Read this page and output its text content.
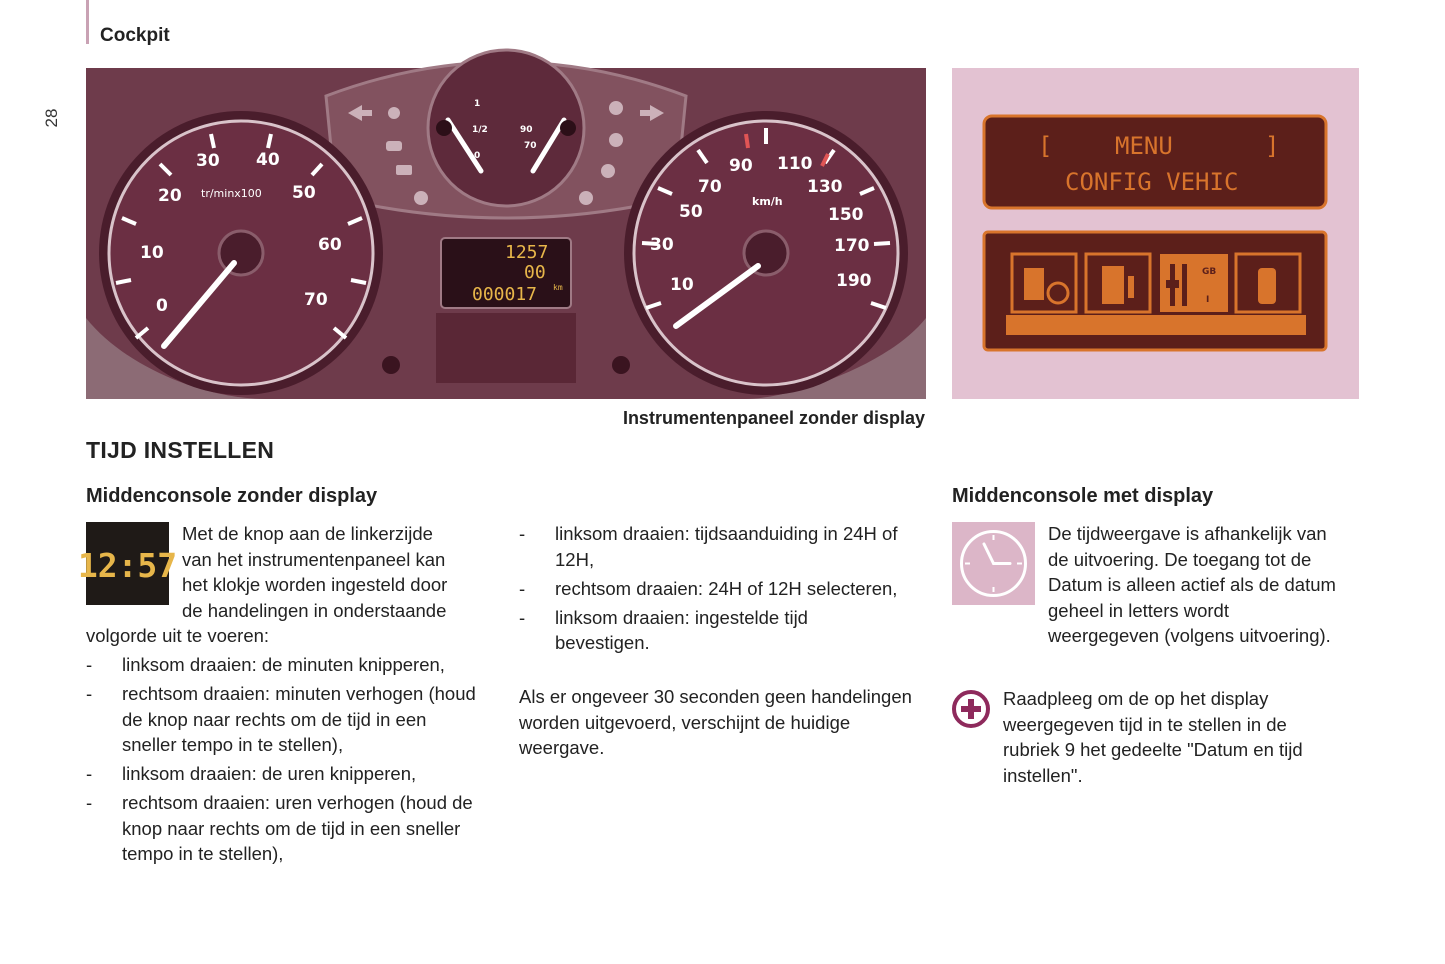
Cockpit
28
0
10
20
30 40
50
60
70
tr/minx100
1
1/2
0
90
70
1257
00
000017 km	10
30
50
70
90 110
130
150
170
190
km/h
[	MENU	]
CONFIG VEHIC
GB
I
Instrumentenpaneel zonder display
TIJD INSTELLEN
Middenconsole zonder display
12:57
Met de knop aan de linkerzijde
van het instrumentenpaneel kan
het klokje worden ingesteld door
de handelingen in onderstaande
volgorde uit te voeren:
- linksom draaien: de minuten knipperen,
- rechtsom draaien: minuten verhogen (houd de knop naar rechts om de tijd in een sneller tempo in te stellen),
- linksom draaien: de uren knipperen,
- rechtsom draaien: uren verhogen (houd de knop naar rechts om de tijd in een sneller tempo in te stellen),
- linksom draaien: tijdsaanduiding in 24H of 12H,
- rechtsom draaien: 24H of 12H selecteren,
- linksom draaien: ingestelde tijd bevestigen.
Als er ongeveer 30 seconden geen handelingen worden uitgevoerd, verschijnt de huidige weergave.
Middenconsole met display
De tijdweergave is afhankelijk van de uitvoering. De toegang tot de Datum is alleen actief als de datum geheel in letters wordt weergegeven (volgens uitvoering).
Raadpleeg om de op het display weergegeven tijd in te stellen in de rubriek 9 het gedeelte "Datum en tijd instellen".
